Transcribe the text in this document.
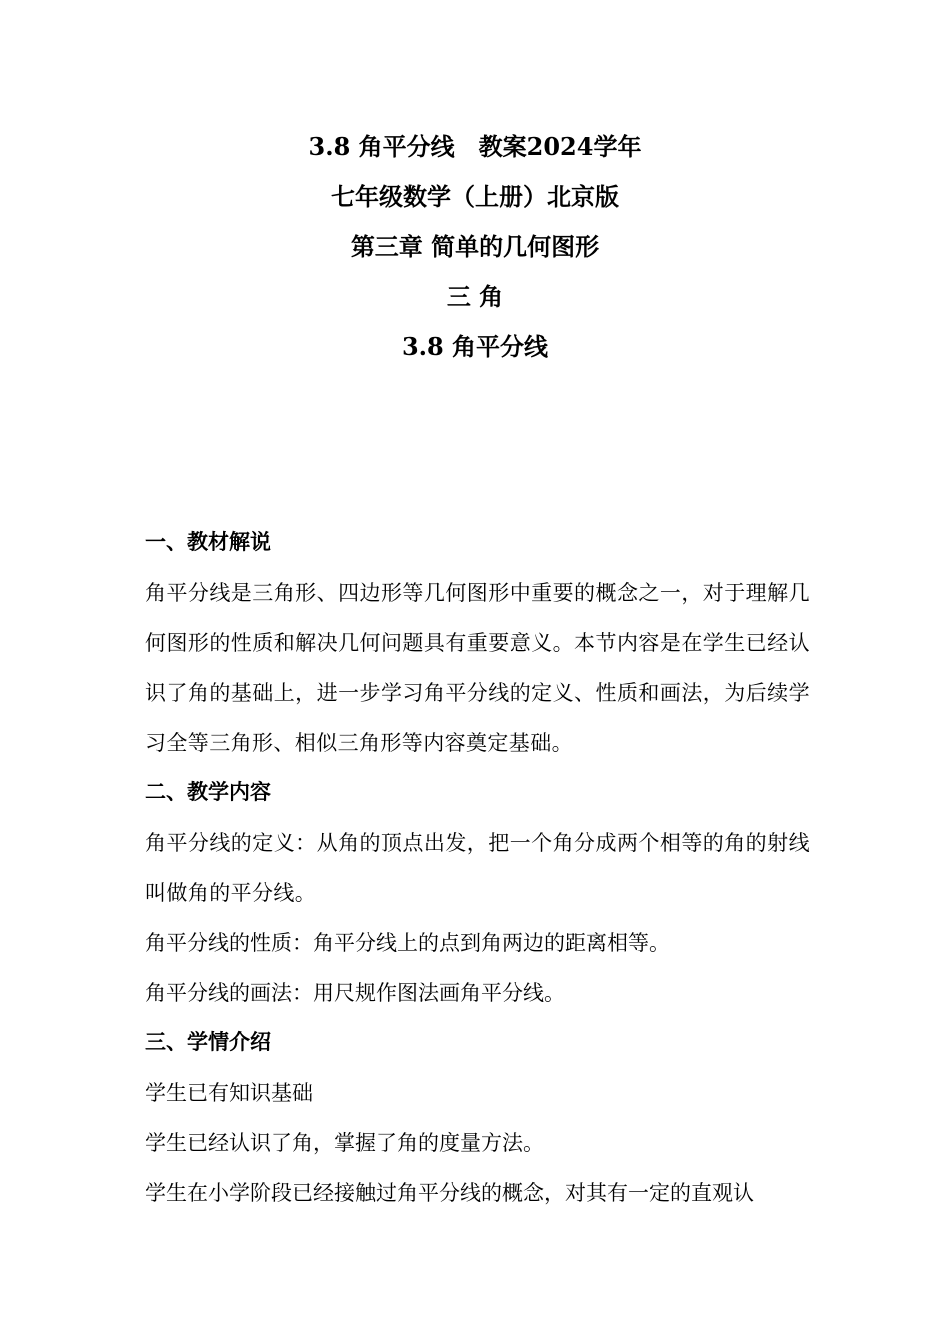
3.8 角平分线　教案2024学年
七年级数学（上册）北京版
第三章 简单的几何图形
三 角
3.8 角平分线
一、教材解说

角平分线是三角形、四边形等几何图形中重要的概念之一，对于理解几何图形的性质和解决几何问题具有重要意义。本节内容是在学生已经认识了角的基础上，进一步学习角平分线的定义、性质和画法，为后续学习全等三角形、相似三角形等内容奠定基础。

二、教学内容

角平分线的定义：从角的顶点出发，把一个角分成两个相等的角的射线叫做角的平分线。

角平分线的性质：角平分线上的点到角两边的距离相等。

角平分线的画法：用尺规作图法画角平分线。

三、学情介绍

学生已有知识基础

学生已经认识了角，掌握了角的度量方法。

学生在小学阶段已经接触过角平分线的概念，对其有一定的直观认
